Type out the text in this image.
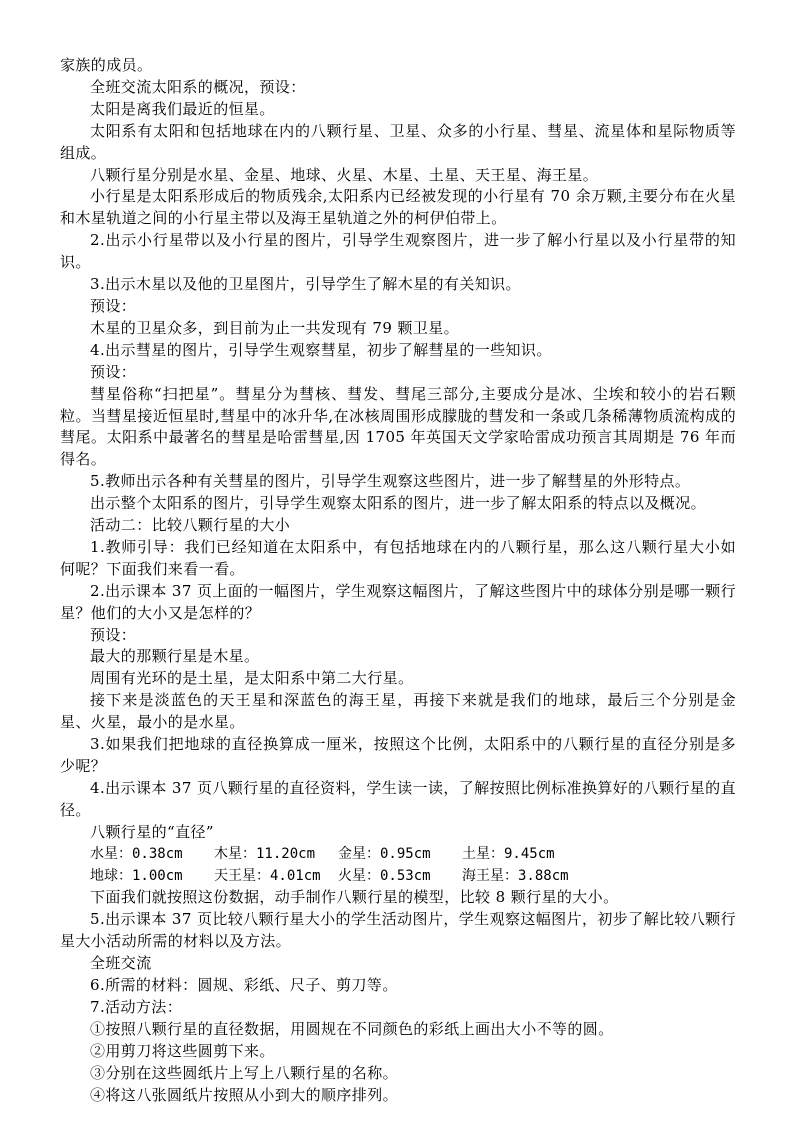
家族的成员。

全班交流太阳系的概况，预设：

太阳是离我们最近的恒星。

太阳系有太阳和包括地球在内的八颗行星、卫星、众多的小行星、彗星、流星体和星际物质等组成。

八颗行星分别是水星、金星、地球、火星、木星、土星、天王星、海王星。

小行星是太阳系形成后的物质残余,太阳系内已经被发现的小行星有 70 余万颗,主要分布在火星和木星轨道之间的小行星主带以及海王星轨道之外的柯伊伯带上。

2.出示小行星带以及小行星的图片，引导学生观察图片，进一步了解小行星以及小行星带的知识。

3.出示木星以及他的卫星图片，引导学生了解木星的有关知识。

预设：

木星的卫星众多，到目前为止一共发现有 79 颗卫星。

4.出示彗星的图片，引导学生观察彗星，初步了解彗星的一些知识。

预设：

彗星俗称“扫把星”。彗星分为彗核、彗发、彗尾三部分,主要成分是冰、尘埃和较小的岩石颗粒。当彗星接近恒星时,彗星中的冰升华,在冰核周围形成朦胧的彗发和一条或几条稀薄物质流构成的彗尾。太阳系中最著名的彗星是哈雷彗星,因 1705 年英国天文学家哈雷成功预言其周期是 76 年而得名。

5.教师出示各种有关彗星的图片，引导学生观察这些图片，进一步了解彗星的外形特点。

出示整个太阳系的图片，引导学生观察太阳系的图片，进一步了解太阳系的特点以及概况。

活动二：比较八颗行星的大小

1.教师引导：我们已经知道在太阳系中，有包括地球在内的八颗行星，那么这八颗行星大小如何呢？下面我们来看一看。

2.出示课本 37 页上面的一幅图片，学生观察这幅图片，了解这些图片中的球体分别是哪一颗行星？他们的大小又是怎样的？

预设：

最大的那颗行星是木星。

周围有光环的是土星，是太阳系中第二大行星。

接下来是淡蓝色的天王星和深蓝色的海王星，再接下来就是我们的地球，最后三个分别是金星、火星，最小的是水星。

3.如果我们把地球的直径换算成一厘米，按照这个比例，太阳系中的八颗行星的直径分别是多少呢？

4.出示课本 37 页八颗行星的直径资料，学生读一读，了解按照比例标准换算好的八颗行星的直径。

八颗行星的“直径”

水星：0.38cm	木星：11.20cm	金星：0.95cm	土星：9.45cm
地球：1.00cm	天王星：4.01cm	火星：0.53cm	海王星：3.88cm

下面我们就按照这份数据，动手制作八颗行星的模型，比较 8 颗行星的大小。

5.出示课本 37 页比较八颗行星大小的学生活动图片，学生观察这幅图片，初步了解比较八颗行星大小活动所需的材料以及方法。

全班交流

6.所需的材料：圆规、彩纸、尺子、剪刀等。

7.活动方法：

①按照八颗行星的直径数据，用圆规在不同颜色的彩纸上画出大小不等的圆。

②用剪刀将这些圆剪下来。

③分别在这些圆纸片上写上八颗行星的名称。

④将这八张圆纸片按照从小到大的顺序排列。
